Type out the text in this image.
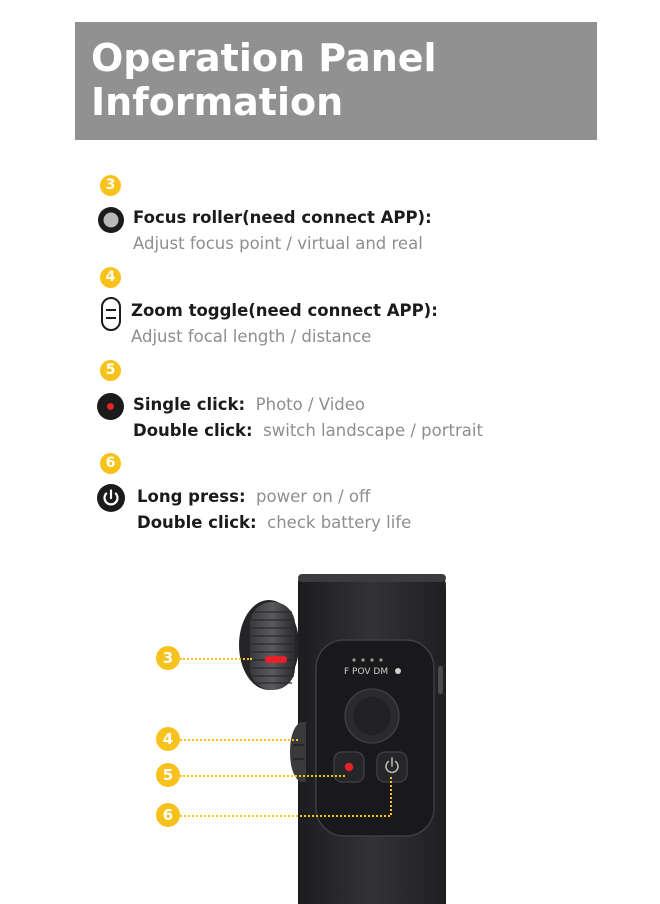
Operation Panel
Information
3
Focus roller(need connect APP):
Adjust focus point / virtual and real
4
Zoom toggle(need connect APP):
Adjust focal length / distance
5
Single click: Photo / Video
Double click: switch landscape / portrait
6
Long press: power on / off
Double click: check battery life
F POV DM
3
4
5
6
